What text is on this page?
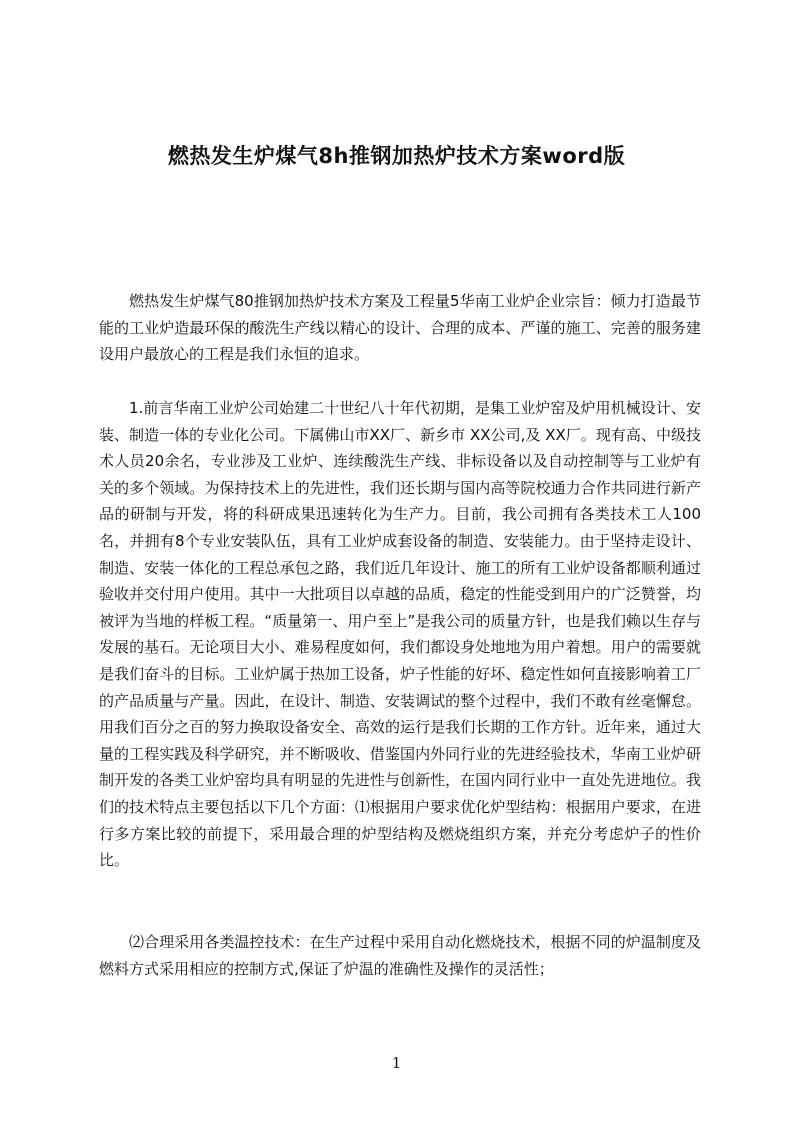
燃热发生炉煤气8h推钢加热炉技术方案word版

燃热发生炉煤气80推钢加热炉技术方案及工程量5华南工业炉企业宗旨：倾力打造最节能的工业炉造最环保的酸洗生产线以精心的设计、合理的成本、严谨的施工、完善的服务建设用户最放心的工程是我们永恒的追求。

1.前言华南工业炉公司始建二十世纪八十年代初期，是集工业炉窑及炉用机械设计、安装、制造一体的专业化公司。下属佛山市XX厂、新乡市 XX公司,及 XX厂。现有高、中级技术人员20余名，专业涉及工业炉、连续酸洗生产线、非标设备以及自动控制等与工业炉有关的多个领域。为保持技术上的先进性，我们还长期与国内高等院校通力合作共同进行新产品的研制与开发，将的科研成果迅速转化为生产力。目前，我公司拥有各类技术工人100名，并拥有8个专业安装队伍，具有工业炉成套设备的制造、安装能力。由于坚持走设计、制造、安装一体化的工程总承包之路，我们近几年设计、施工的所有工业炉设备都顺利通过验收并交付用户使用。其中一大批项目以卓越的品质，稳定的性能受到用户的广泛赞誉，均被评为当地的样板工程。“质量第一、用户至上”是我公司的质量方针，也是我们赖以生存与发展的基石。无论项目大小、难易程度如何，我们都设身处地地为用户着想。用户的需要就是我们奋斗的目标。工业炉属于热加工设备，炉子性能的好坏、稳定性如何直接影响着工厂的产品质量与产量。因此，在设计、制造、安装调试的整个过程中，我们不敢有丝毫懈怠。用我们百分之百的努力换取设备安全、高效的运行是我们长期的工作方针。近年来，通过大量的工程实践及科学研究，并不断吸收、借鉴国内外同行业的先进经验技术，华南工业炉研制开发的各类工业炉窑均具有明显的先进性与创新性，在国内同行业中一直处先进地位。我们的技术特点主要包括以下几个方面：⑴根据用户要求优化炉型结构：根据用户要求，在进行多方案比较的前提下，采用最合理的炉型结构及燃烧组织方案，并充分考虑炉子的性价比。

⑵合理采用各类温控技术：在生产过程中采用自动化燃烧技术，根据不同的炉温制度及燃料方式采用相应的控制方式,保证了炉温的准确性及操作的灵活性；

1
